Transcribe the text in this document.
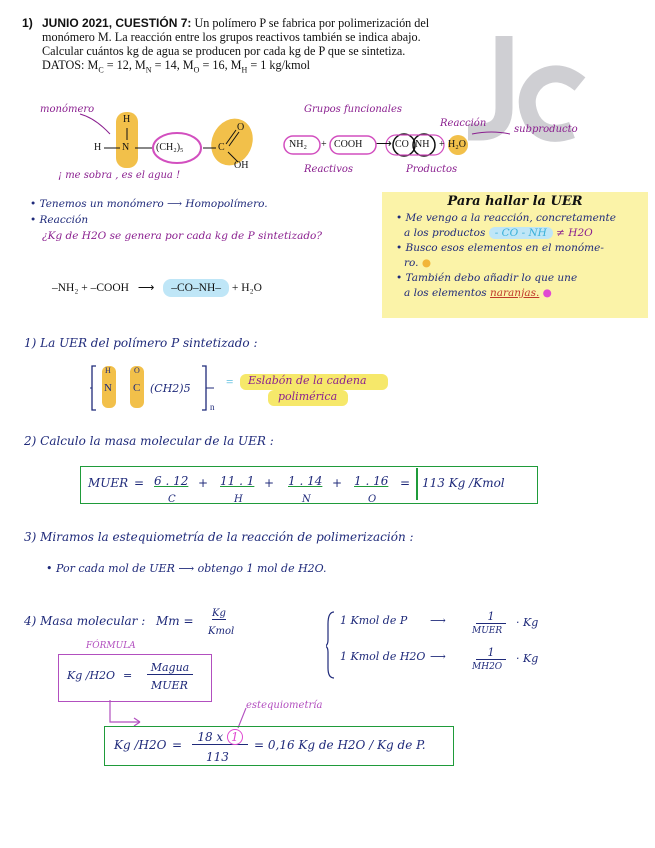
1) JUNIO 2021, CUESTIÓN 7: Un polímero P se fabrica por polimerización del
monómero M. La reacción entre los grupos reactivos también se indica abajo.
Calcular cuántos kg de agua se producen por cada kg de P que se sintetiza.
DATOS: $M_C = 12$, $M_N = 14$, $M_O = 16$, $M_H = 1$ kg/kmol
monómero
H
H N	(CH₂)₅	C
O
OH
¡ me sobra , es el agua !
Grupos funcionales
Reacción
subproducto
NH₂ + COOH ⟶ CO NH + H₂O
Reactivos	Productos
• Tenemos un monómero ⟶ Homopolímero.
• Reacción
¿Kg de H2O se genera por cada kg de P sintetizado?
–NH₂ + –COOH ⟶ –CO–NH– + H₂O
Para hallar la UER
• Me vengo a la reacción, concretamente
a los productos - CO - NH ≠ H2O
• Busco esos elementos en el monóme-
ro. ●
• También debo añadir lo que une
a los elementos naranjas. ●
1) La UER del polímero P sintetizado :
H
N C
O
(CH2)5
n
= Eslabón de la cadena
polimérica
2) Calculo la masa molecular de la UER :
MUER = 6 . 12
C
+ 11 . 1
H
+ 1 . 14
N
+ 1 . 16
O
= 113 Kg /Kmol
3) Miramos la estequiometría de la reacción de polimerización :
• Por cada mol de UER ⟶ obtengo 1 mol de H2O.
4) Masa molecular : Mm =
Kg
Kmol
1 Kmol de P ⟶	1
MUER
· Kg
1 Kmol de H2O ⟶	1
MH2O
· Kg
FÓRMULA
Kg /H2O =
Magua
MUER
estequiometría
Kg /H2O =
18 x 1
113
= 0,16 Kg de H2O / Kg de P.
